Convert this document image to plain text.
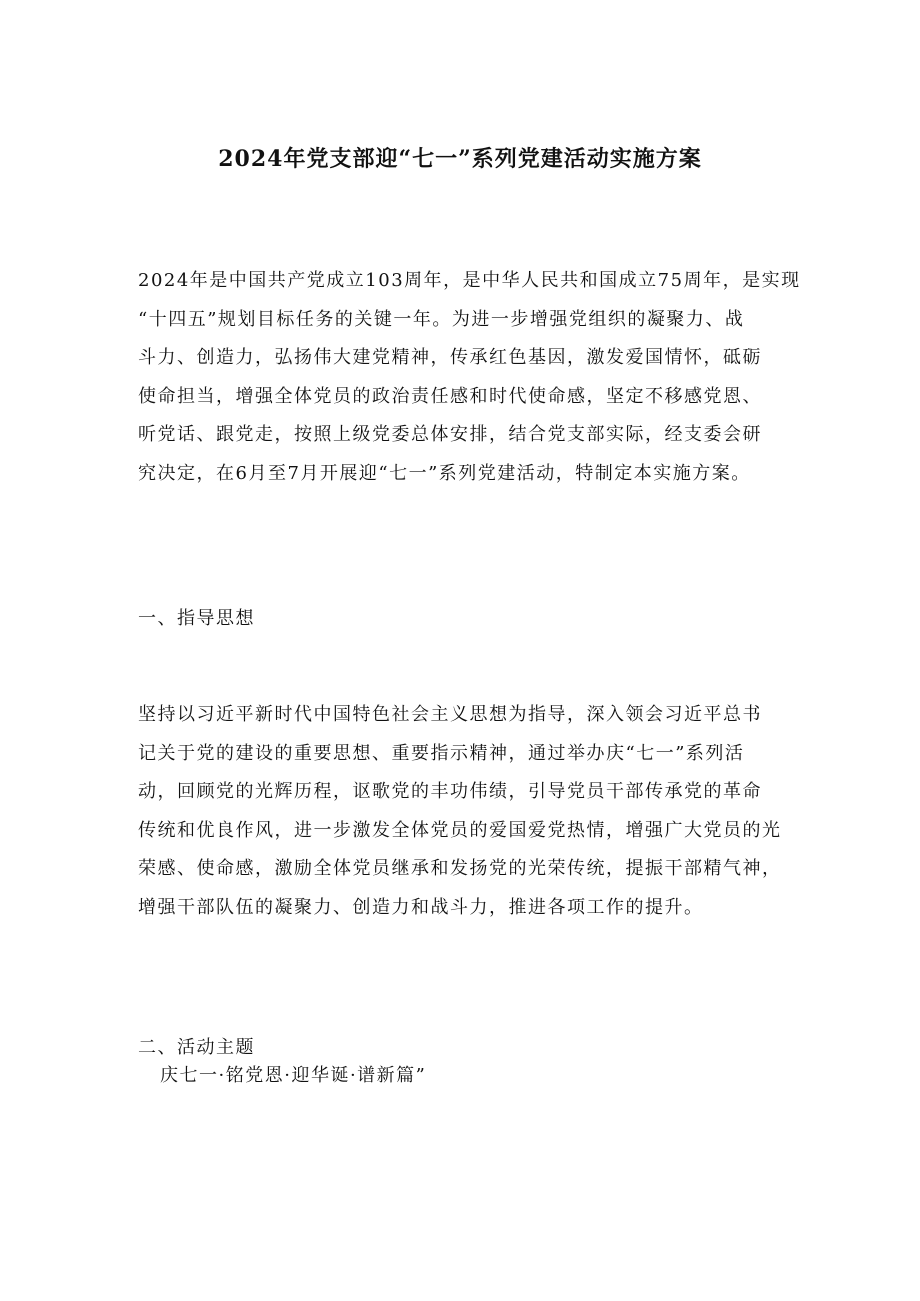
2024年党支部迎“七一”系列党建活动实施方案
2024年是中国共产党成立103周年，是中华人民共和国成立75周年，是实现
“十四五”规划目标任务的关键一年。为进一步增强党组织的凝聚力、战
斗力、创造力，弘扬伟大建党精神，传承红色基因，激发爱国情怀，砥砺
使命担当，增强全体党员的政治责任感和时代使命感，坚定不移感党恩、
听党话、跟党走，按照上级党委总体安排，结合党支部实际，经支委会研
究决定，在6月至7月开展迎“七一”系列党建活动，特制定本实施方案。
一、指导思想
坚持以习近平新时代中国特色社会主义思想为指导，深入领会习近平总书
记关于党的建设的重要思想、重要指示精神，通过举办庆“七一”系列活
动，回顾党的光辉历程，讴歌党的丰功伟绩，引导党员干部传承党的革命
传统和优良作风，进一步激发全体党员的爱国爱党热情，增强广大党员的光
荣感、使命感，激励全体党员继承和发扬党的光荣传统，提振干部精气神，
增强干部队伍的凝聚力、创造力和战斗力，推进各项工作的提升。
二、活动主题
庆七一·铭党恩·迎华诞·谱新篇”
